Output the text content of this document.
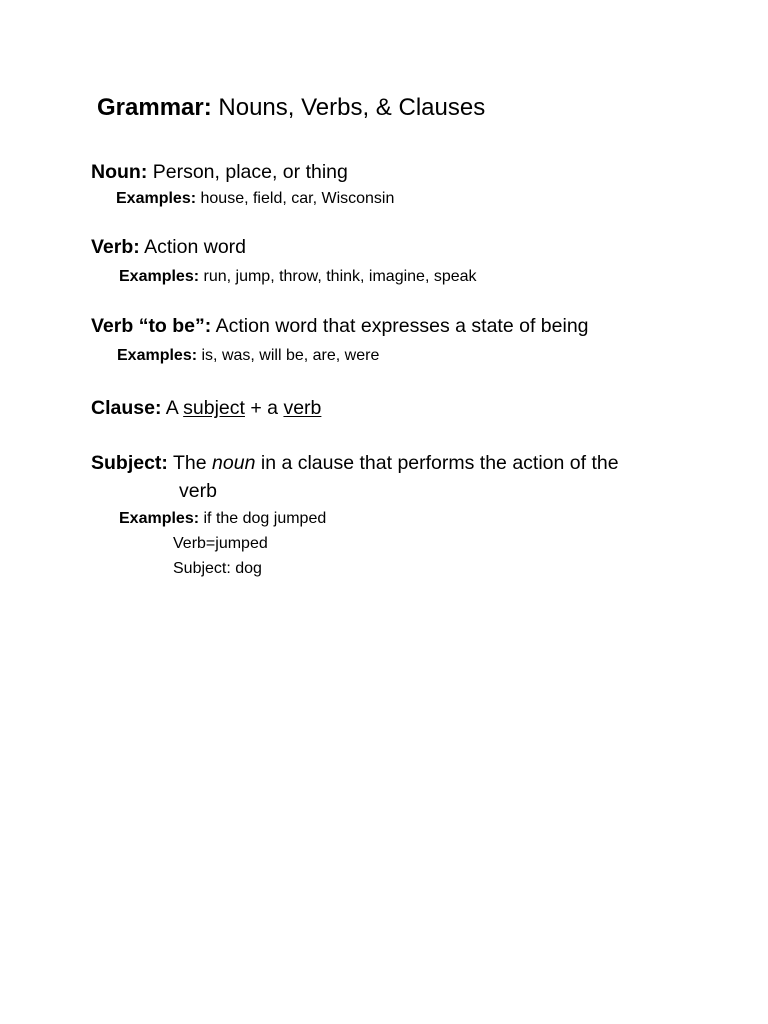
Grammar: Nouns, Verbs, & Clauses
Noun: Person, place, or thing
Examples: house, field, car, Wisconsin
Verb: Action word
Examples: run, jump, throw, think, imagine, speak
Verb “to be”: Action word that expresses a state of being
Examples: is, was, will be, are, were
Clause: A subject + a verb
Subject: The noun in a clause that performs the action of the
verb
Examples: if the dog jumped
Verb=jumped
Subject: dog
